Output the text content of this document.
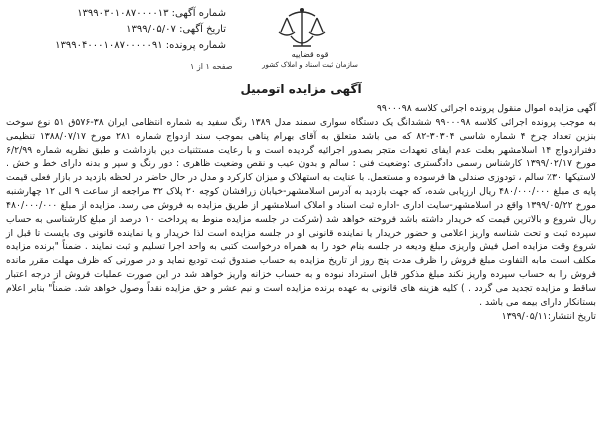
شماره آگهی: ۱۳۹۹۰۳۰۱۰۸۷۰۰۰۰۱۳
تاریخ آگهی: ۱۳۹۹/۰۵/۰۷
شماره پرونده: ۱۳۹۹۰۴۰۰۰۱۰۸۷۰۰۰۰۰۹۱
قوه قضاییه
سازمان ثبت اسناد و املاک کشور
صفحه ۱ از ۱
آگهی مزایده اتومبیل

آگهی مزایده اموال منقول پرونده اجرائی کلاسه ۹۹۰۰۰۹۸

به موجب پرونده اجرائی کلاسه ۹۹۰۰۰۹۸ ششدانگ یک دستگاه سواری سمند مدل ۱۳۸۹ رنگ سفید به شماره انتظامی ایران ۳۸-۵۷۶ق ۵۱ نوع سوخت بنزین تعداد چرخ ۴ شماره شاسی ۳۰۳۰۴-۸۲ که می باشد متعلق به آقای بهرام پناهی بموجب سند ازدواج شماره ۲۸۱ مورخ ۱۳۸۸/۰۷/۱۷ تنظیمی دفترازدواج ۱۴ اسلامشهر بعلت عدم ایفای تعهدات متجر بصدور اجرائیه گردیده است و با رعایت مستثنیات دین بازداشت و طبق نظریه شماره ۶/۲/۹۹ مورخ ۱۳۹۹/۰۲/۱۷ کارشناس رسمی دادگستری :وضعیت فنی : سالم و بدون عیب و نقص وضعیت ظاهری : دور رنگ و سپر و بدنه دارای خط و خش . لاستیکها ۳۰٪ سالم ، تودوزی صندلی ها فرسوده و مستعمل. با عنایت به استهلاک و میزان کارکرد و مدل در حال حاضر در لحظه بازدید در بازار فعلی قیمت پایه ی مبلغ ۴۸۰/۰۰۰/۰۰۰ ریال ارزیابی شده، که جهت بازدید به آدرس اسلامشهر-خیابان زرافشان کوچه ۲۰ پلاک ۳۲ مراجعه از ساعت ۹ الی ۱۲ چهارشنبه مورخ ۱۳۹۹/۰۵/۲۲ واقع در اسلامشهر-سایت اداری -اداره ثبت اسناد و املاک اسلامشهر از طریق مزایده به فروش می رسد. مزایده از مبلغ ۴۸۰/۰۰۰/۰۰۰ ریال شروع و بالاترین قیمت که خریدار داشته باشد فروخته خواهد شد (شرکت در جلسه مزایده منوط به پرداخت ۱۰ درصد از مبلغ کارشناسی به حساب سپرده ثبت و تحت شناسه واریز اعلامی و حضور خریدار یا نماینده قانونی او در جلسه مزایده است لذا خریدار و یا نماینده قانونی وی بایست تا قبل از شروع وقت مزایده اصل فیش واریزی مبلغ ودیعه در جلسه بنام خود را به همراه درخواست کتبی به واحد اجرا تسلیم و ثبت نمایند . ضمناً "برنده مزایده مکلف است مابه التفاوت مبلغ فروش را ظرف مدت پنج روز از تاریخ مزایده به حساب صندوق ثبت تودیع نماید و در صورتی که ظرف مهلت مقرر مانده فروش را به حساب سپرده واریز نکند مبلغ مذکور قابل استرداد نبوده و به حساب خزانه واریز خواهد شد در این صورت عملیات فروش از درجه اعتبار ساقط و مزایده تجدید می گردد . ) کلیه هزینه های قانونی به عهده برنده مزایده است و نیم عشر و حق مزایده نقداً وصول خواهد شد. ضمناً" بنابر اعلام بستانکار دارای بیمه می باشد .

تاریخ انتشار:۱۳۹۹/۰۵/۱۱
